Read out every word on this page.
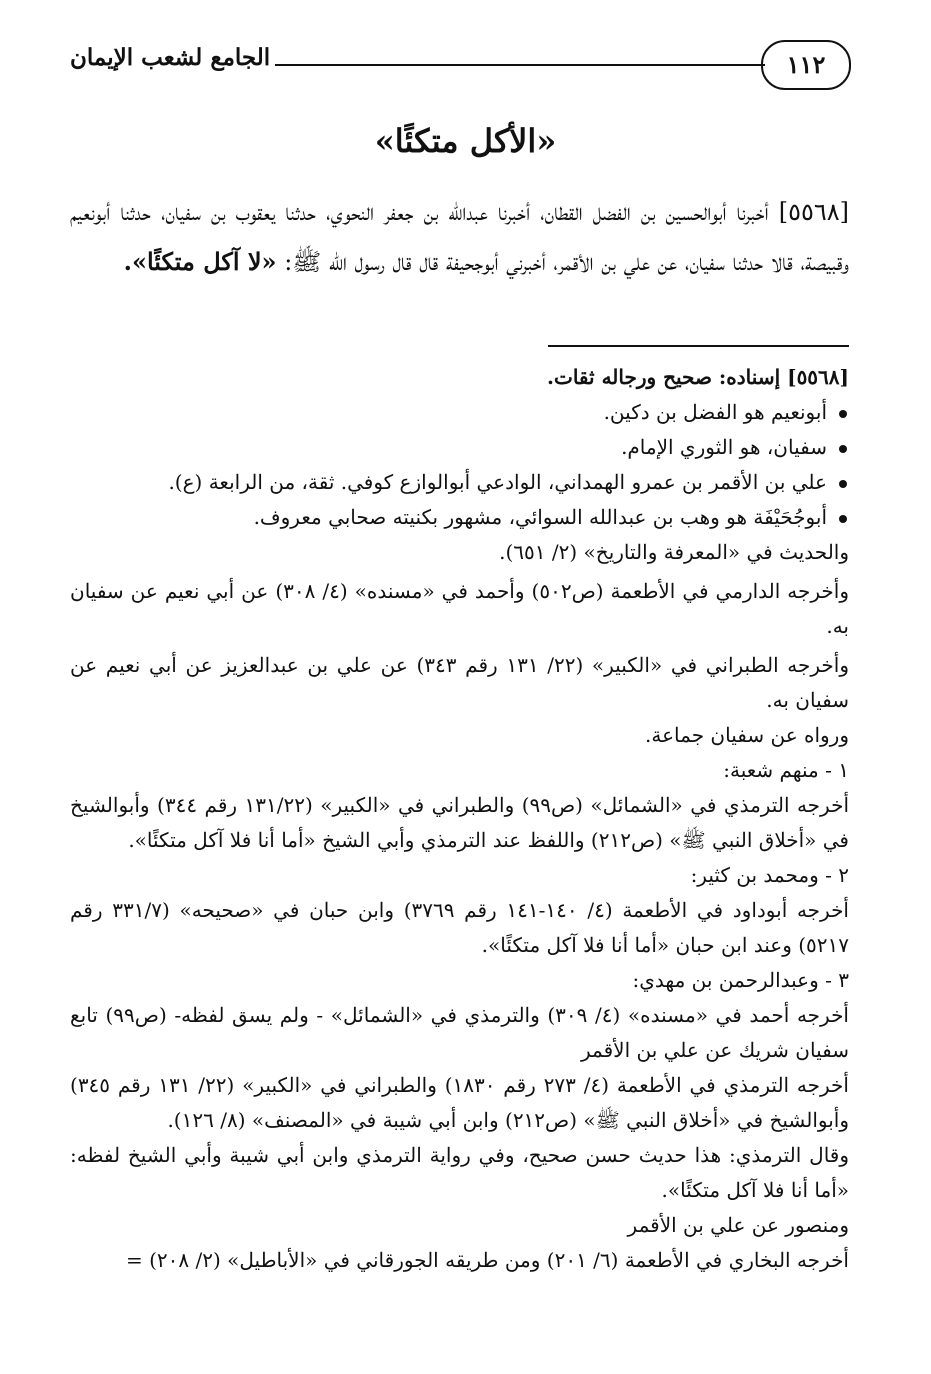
١١٢
الجامع لشعب الإيمان
«الأكل متكئًا»
[٥٥٦٨] أخبرنا أبوالحسين بن الفضل القطان، أخبرنا عبدالله بن جعفر النحوي، حدثنا يعقوب بن سفيان، حدثنا أبونعيم وقبيصة، قالا حدثنا سفيان، عن علي بن الأقمر، أخبرني أبوجحيفة قال قال رسول الله ﷺ: «لا آكل متكئًا».

[٥٥٦٨] إسناده: صحيح ورجاله ثقات.

أبونعيم هو الفضل بن دكين.
سفيان، هو الثوري الإمام.
علي بن الأقمر بن عمرو الهمداني، الوادعي أبوالوازع كوفي. ثقة، من الرابعة (ع).
أبوجُحَيْفَة هو وهب بن عبدالله السوائي، مشهور بكنيته صحابي معروف.

والحديث في «المعرفة والتاريخ» (٢/ ٦٥١).

وأخرجه الدارمي في الأطعمة (ص٥٠٢) وأحمد في «مسنده» (٤/ ٣٠٨) عن أبي نعيم عن سفيان به.

وأخرجه الطبراني في «الكبير» (٢٢/ ١٣١ رقم ٣٤٣) عن علي بن عبدالعزيز عن أبي نعيم عن سفيان به.

ورواه عن سفيان جماعة.

١ - منهم شعبة:

أخرجه الترمذي في «الشمائل» (ص٩٩) والطبراني في «الكبير» (١٣١/٢٢ رقم ٣٤٤) وأبوالشيخ في «أخلاق النبي ﷺ» (ص٢١٢) واللفظ عند الترمذي وأبي الشيخ «أما أنا فلا آكل متكئًا».

٢ - ومحمد بن كثير:

أخرجه أبوداود في الأطعمة (٤/ ١٤٠-١٤١ رقم ٣٧٦٩) وابن حبان في «صحيحه» (٣٣١/٧ رقم ٥٢١٧) وعند ابن حبان «أما أنا فلا آكل متكئًا».

٣ - وعبدالرحمن بن مهدي:

أخرجه أحمد في «مسنده» (٤/ ٣٠٩) والترمذي في «الشمائل» - ولم يسق لفظه- (ص٩٩) تابع سفيان شريك عن علي بن الأقمر

أخرجه الترمذي في الأطعمة (٤/ ٢٧٣ رقم ١٨٣٠) والطبراني في «الكبير» (٢٢/ ١٣١ رقم ٣٤٥) وأبوالشيخ في «أخلاق النبي ﷺ» (ص٢١٢) وابن أبي شيبة في «المصنف» (٨/ ١٢٦).

وقال الترمذي: هذا حديث حسن صحيح، وفي رواية الترمذي وابن أبي شيبة وأبي الشيخ لفظه: «أما أنا فلا آكل متكئًا».

ومنصور عن علي بن الأقمر

أخرجه البخاري في الأطعمة (٦/ ٢٠١) ومن طريقه الجورقاني في «الأباطيل» (٢/ ٢٠٨) =
